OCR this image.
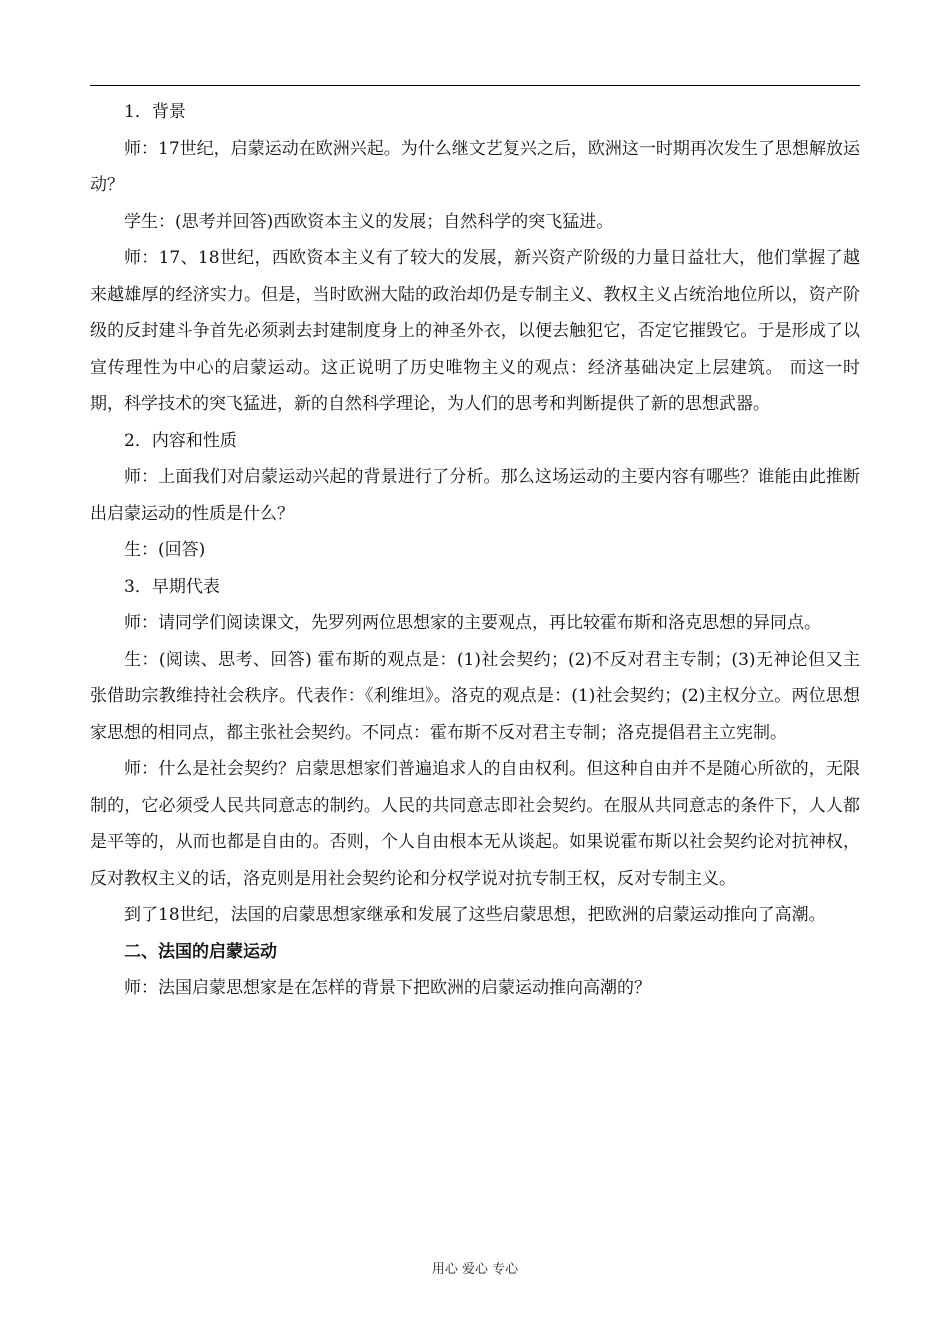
1．背景

师：17世纪，启蒙运动在欧洲兴起。为什么继文艺复兴之后，欧洲这一时期再次发生了思想解放运动？

学生：(思考并回答)西欧资本主义的发展；自然科学的突飞猛进。

师：17、18世纪，西欧资本主义有了较大的发展，新兴资产阶级的力量日益壮大，他们掌握了越来越雄厚的经济实力。但是，当时欧洲大陆的政治却仍是专制主义、教权主义占统治地位所以，资产阶级的反封建斗争首先必须剥去封建制度身上的神圣外衣，以便去触犯它，否定它摧毁它。于是形成了以宣传理性为中心的启蒙运动。这正说明了历史唯物主义的观点：经济基础决定上层建筑。 而这一时期，科学技术的突飞猛进，新的自然科学理论，为人们的思考和判断提供了新的思想武器。

2．内容和性质

师：上面我们对启蒙运动兴起的背景进行了分析。那么这场运动的主要内容有哪些？谁能由此推断出启蒙运动的性质是什么？

生：(回答)

3．早期代表

师：请同学们阅读课文，先罗列两位思想家的主要观点，再比较霍布斯和洛克思想的异同点。

生：(阅读、思考、回答) 霍布斯的观点是：(1)社会契约；(2)不反对君主专制；(3)无神论但又主张借助宗教维持社会秩序。代表作：《利维坦》。洛克的观点是：(1)社会契约；(2)主权分立。两位思想家思想的相同点，都主张社会契约。不同点：霍布斯不反对君主专制；洛克提倡君主立宪制。

师：什么是社会契约？启蒙思想家们普遍追求人的自由权利。但这种自由并不是随心所欲的，无限制的，它必须受人民共同意志的制约。人民的共同意志即社会契约。在服从共同意志的条件下，人人都是平等的，从而也都是自由的。否则，个人自由根本无从谈起。如果说霍布斯以社会契约论对抗神权，反对教权主义的话，洛克则是用社会契约论和分权学说对抗专制王权，反对专制主义。

到了18世纪，法国的启蒙思想家继承和发展了这些启蒙思想，把欧洲的启蒙运动推向了高潮。

二、法国的启蒙运动

师：法国启蒙思想家是在怎样的背景下把欧洲的启蒙运动推向高潮的？

用心 爱心 专心
